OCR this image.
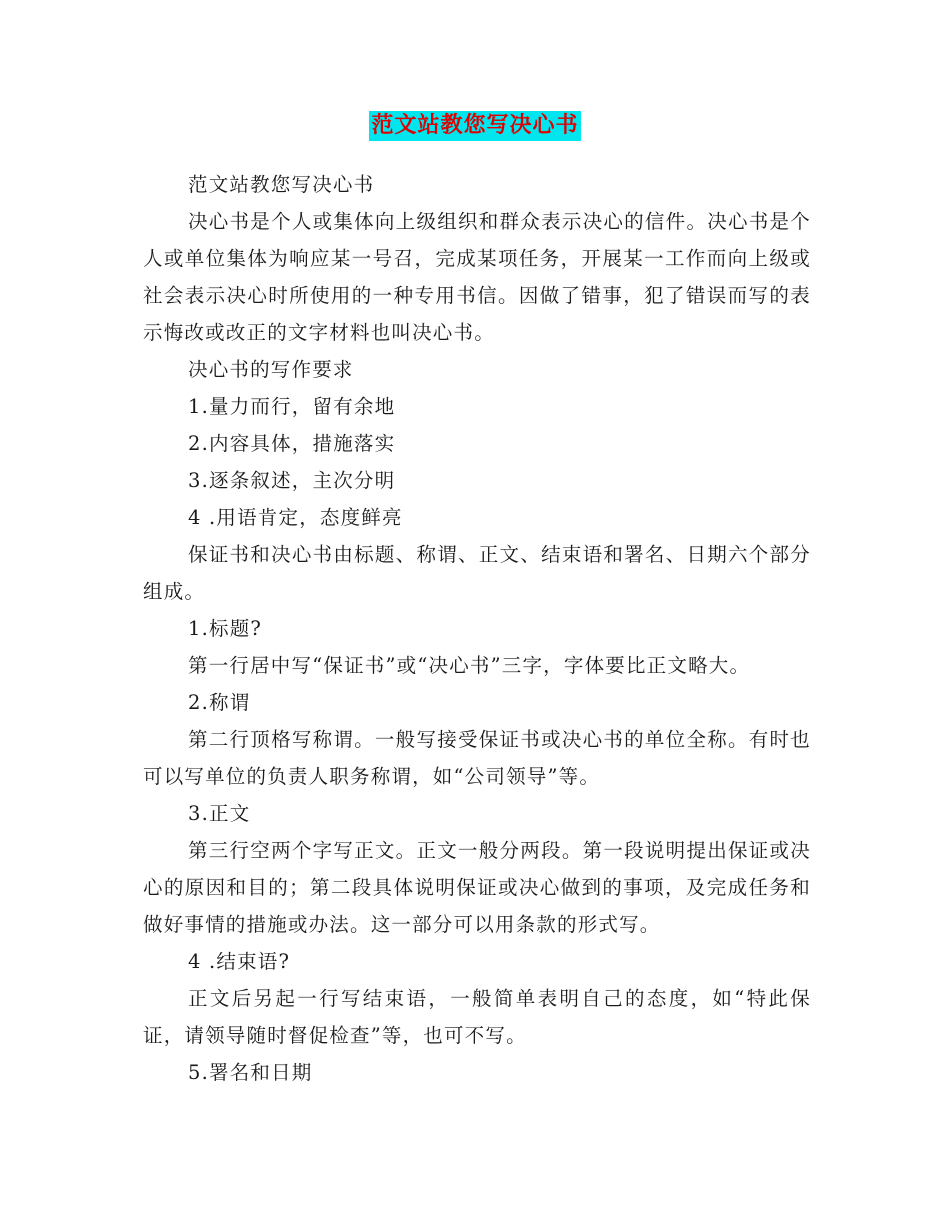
范文站教您写决心书

范文站教您写决心书

决心书是个人或集体向上级组织和群众表示决心的信件。决心书是个人或单位集体为响应某一号召，完成某项任务，开展某一工作而向上级或社会表示决心时所使用的一种专用书信。因做了错事，犯了错误而写的表示悔改或改正的文字材料也叫决心书。

决心书的写作要求

1.量力而行，留有余地

2.内容具体，措施落实

3.逐条叙述，主次分明

4 .用语肯定，态度鲜亮

保证书和决心书由标题、称谓、正文、结束语和署名、日期六个部分组成。

1.标题?

第一行居中写“保证书”或“决心书”三字，字体要比正文略大。

2.称谓

第二行顶格写称谓。一般写接受保证书或决心书的单位全称。有时也可以写单位的负责人职务称谓，如“公司领导”等。

3.正文

第三行空两个字写正文。正文一般分两段。第一段说明提出保证或决心的原因和目的；第二段具体说明保证或决心做到的事项，及完成任务和做好事情的措施或办法。这一部分可以用条款的形式写。

4 .结束语?

正文后另起一行写结束语，一般简单表明自己的态度，如“特此保证，请领导随时督促检查”等，也可不写。

5.署名和日期
